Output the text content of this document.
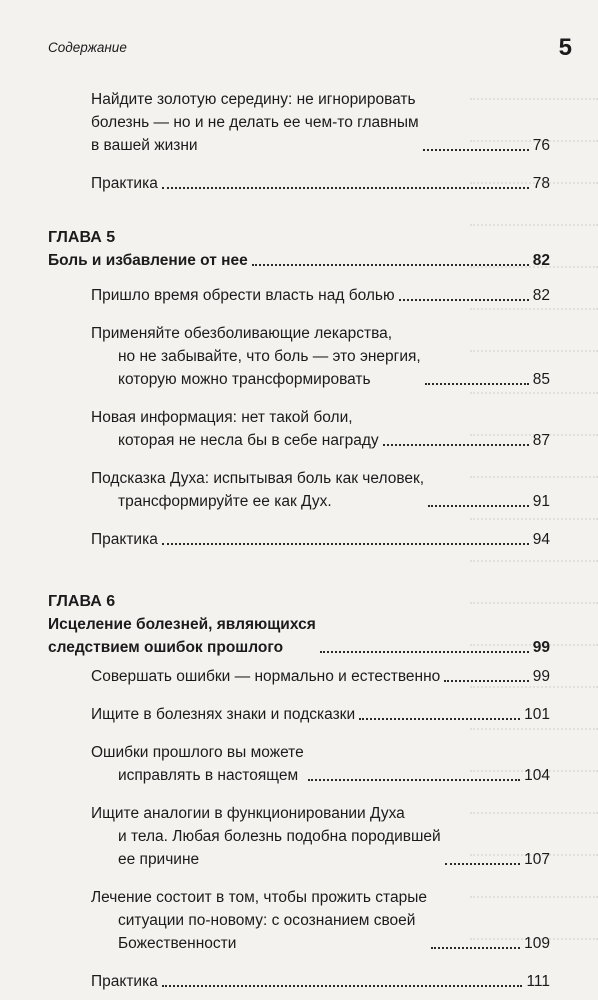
Содержание	5
Найдите золотую середину: не игнорировать
болезнь — но и не делать ее чем-то главным
в вашей жизни	76
Практика	78
ГЛАВА 5
Боль и избавление от нее	82
Пришло время обрести власть над болью	82
Применяйте обезболивающие лекарства,
но не забывайте, что боль — это энергия,
которую можно трансформировать	85
Новая информация: нет такой боли,
которая не несла бы в себе награду	87
Подсказка Духа: испытывая боль как человек,
трансформируйте ее как Дух.	91
Практика	94
ГЛАВА 6
Исцеление болезней, являющихся
следствием ошибок прошлого	99
Совершать ошибки — нормально и естественно	99
Ищите в болезнях знаки и подсказки	101
Ошибки прошлого вы можете
исправлять в настоящем	104
Ищите аналогии в функционировании Духа
и тела. Любая болезнь подобна породившей
ее причине	107
Лечение состоит в том, чтобы прожить старые
ситуации по-новому: с осознанием своей
Божественности	109
Практика	111
